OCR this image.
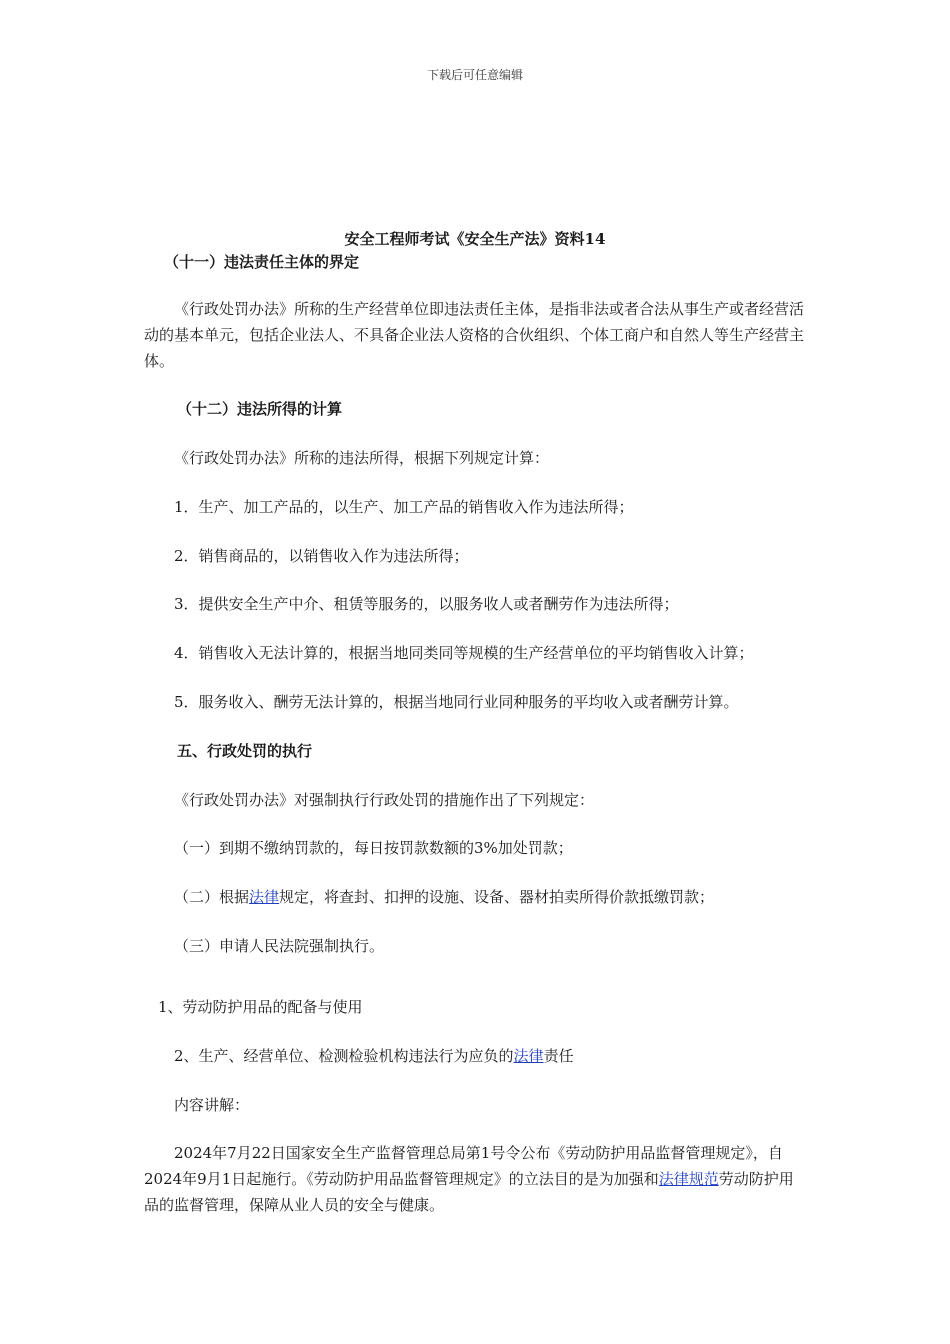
下载后可任意编辑
安全工程师考试《安全生产法》资料14
（十一）违法责任主体的界定
《行政处罚办法》所称的生产经营单位即违法责任主体，是指非法或者合法从事生产或者经营活动的基本单元，包括企业法人、不具备企业法人资格的合伙组织、个体工商户和自然人等生产经营主体。
（十二）违法所得的计算
《行政处罚办法》所称的违法所得，根据下列规定计算：
1．生产、加工产品的，以生产、加工产品的销售收入作为违法所得；
2．销售商品的，以销售收入作为违法所得；
3．提供安全生产中介、租赁等服务的，以服务收人或者酬劳作为违法所得；
4．销售收入无法计算的，根据当地同类同等规模的生产经营单位的平均销售收入计算；
5．服务收入、酬劳无法计算的，根据当地同行业同种服务的平均收入或者酬劳计算。
五、行政处罚的执行
《行政处罚办法》对强制执行行政处罚的措施作出了下列规定：
（一）到期不缴纳罚款的，每日按罚款数额的3%加处罚款；
（二）根据法律规定，将查封、扣押的设施、设备、器材拍卖所得价款抵缴罚款；
（三）申请人民法院强制执行。
1、劳动防护用品的配备与使用
2、生产、经营单位、检测检验机构违法行为应负的法律责任
内容讲解：
2024年7月22日国家安全生产监督管理总局第1号令公布《劳动防护用品监督管理规定》，自2024年9月1日起施行。《劳动防护用品监督管理规定》的立法目的是为加强和法律规范劳动防护用品的监督管理，保障从业人员的安全与健康。
